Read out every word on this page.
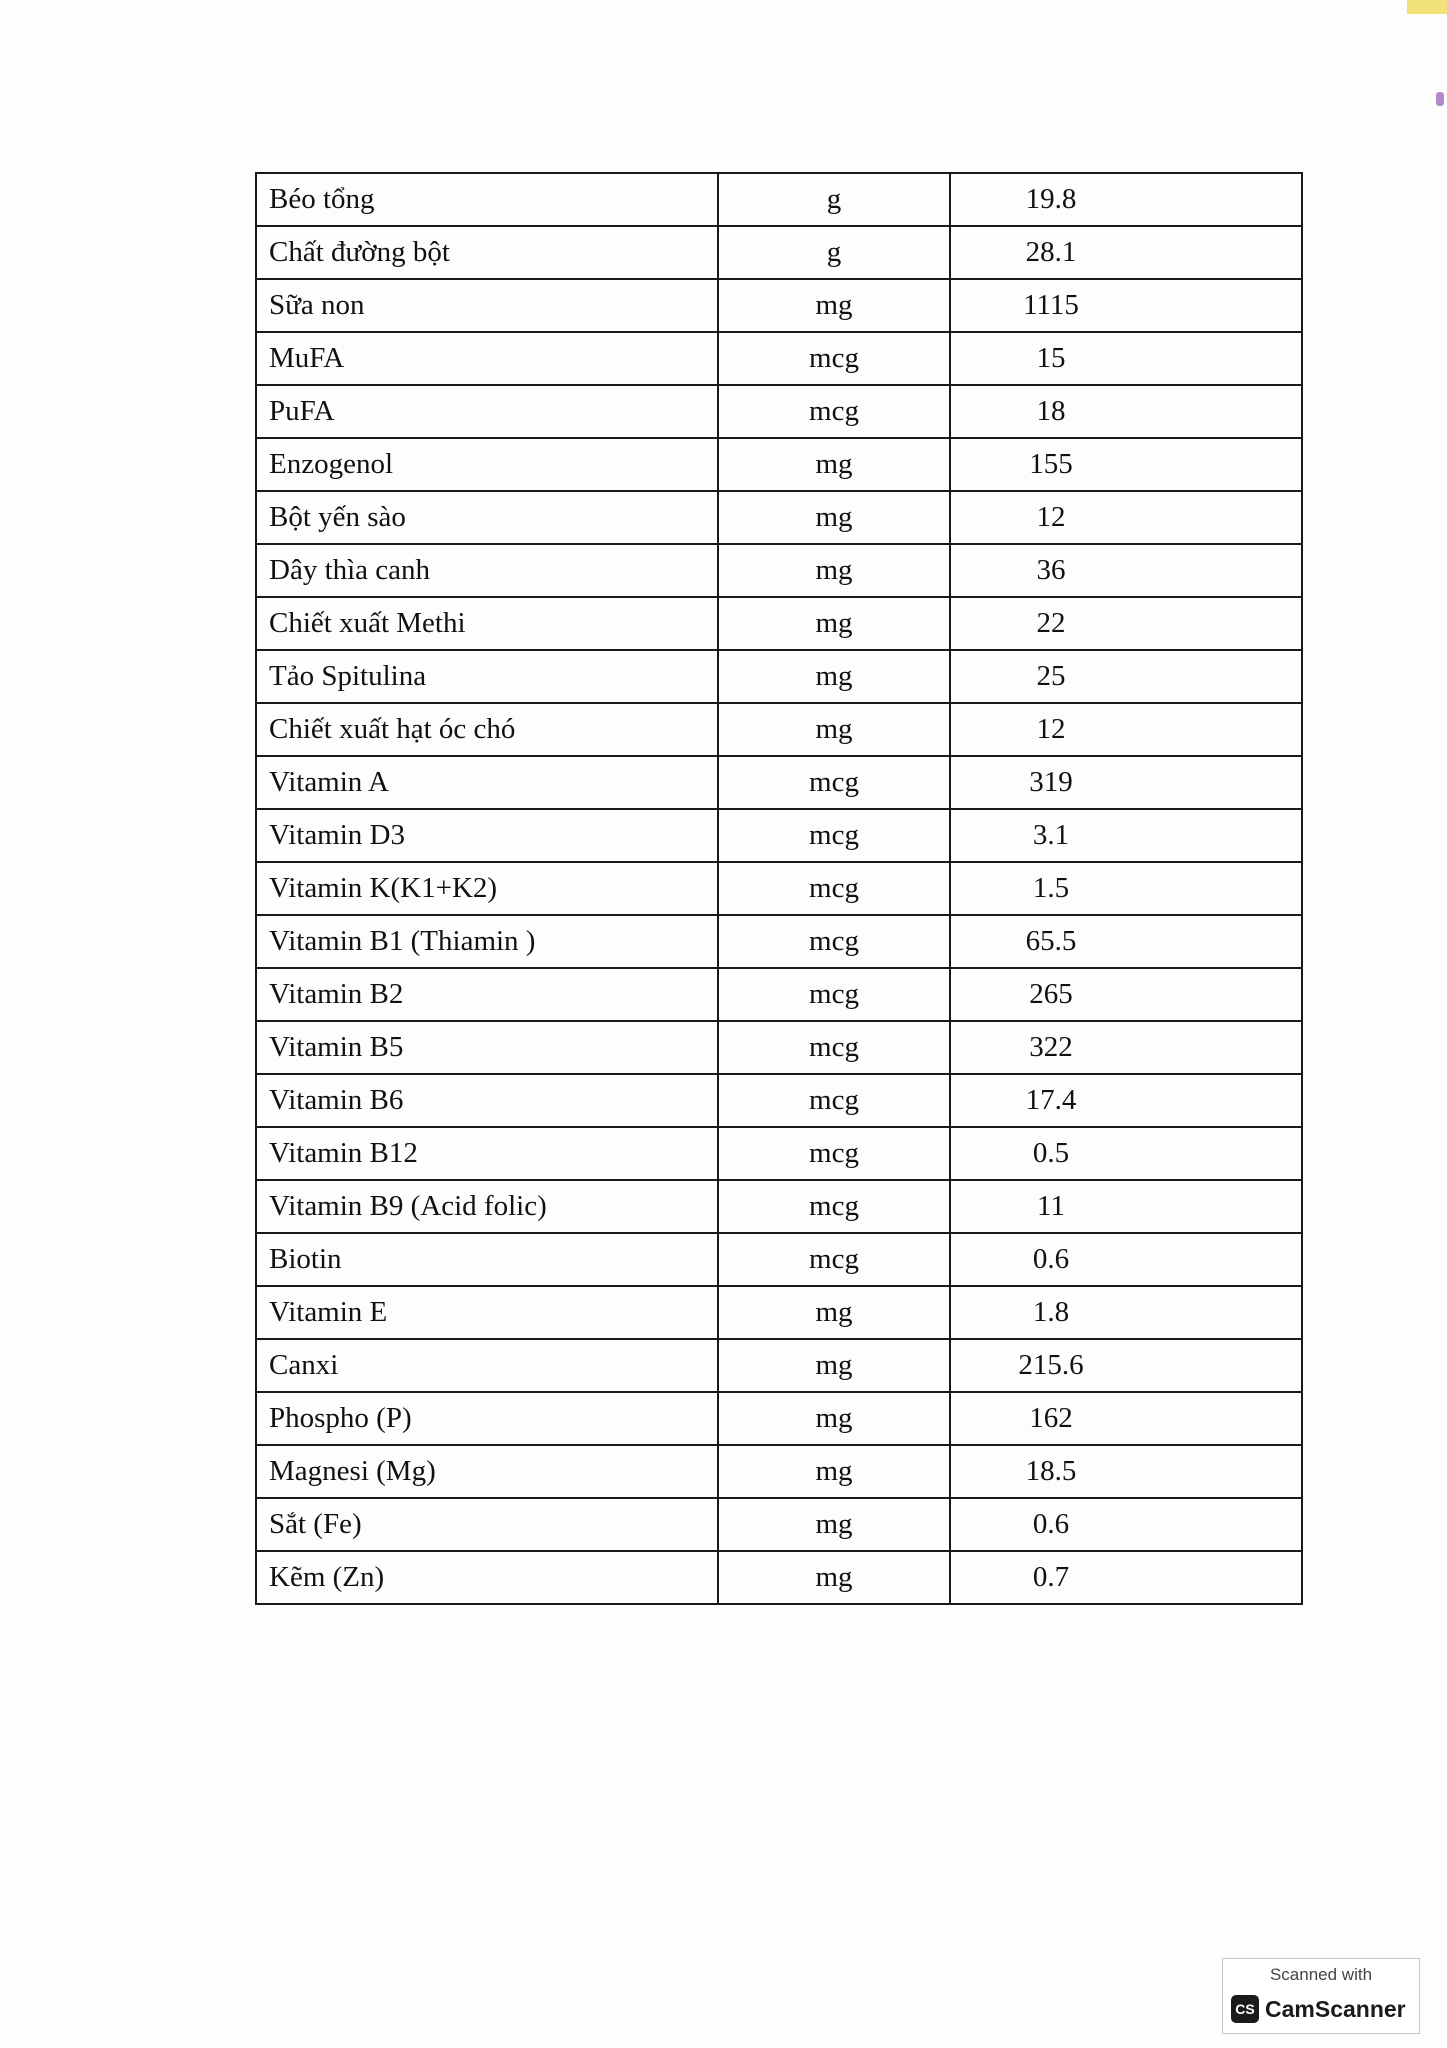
Béo tổng	g	19.8
Chất đường bột	g	28.1
Sữa non	mg	1115
MuFA	mcg	15
PuFA	mcg	18
Enzogenol	mg	155
Bột yến sào	mg	12
Dây thìa canh	mg	36
Chiết xuất Methi	mg	22
Tảo Spitulina	mg	25
Chiết xuất hạt óc chó	mg	12
Vitamin A	mcg	319
Vitamin D3	mcg	3.1
Vitamin K(K1+K2)	mcg	1.5
Vitamin B1 (Thiamin )	mcg	65.5
Vitamin B2	mcg	265
Vitamin B5	mcg	322
Vitamin B6	mcg	17.4
Vitamin B12	mcg	0.5
Vitamin B9 (Acid folic)	mcg	11
Biotin	mcg	0.6
Vitamin E	mg	1.8
Canxi	mg	215.6
Phospho (P)	mg	162
Magnesi (Mg)	mg	18.5
Sắt (Fe)	mg	0.6
Kẽm (Zn)	mg	0.7
Scanned with
CS CamScanner
